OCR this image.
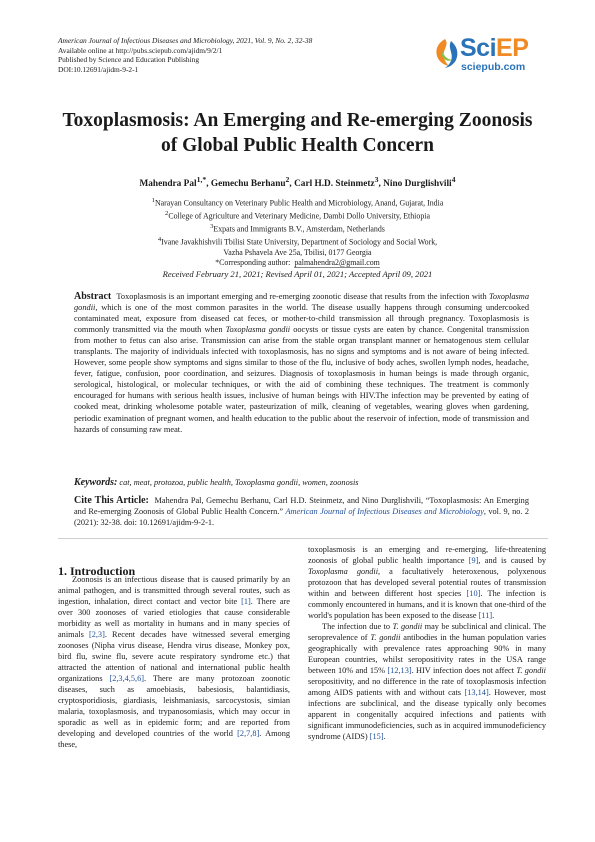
American Journal of Infectious Diseases and Microbiology, 2021, Vol. 9, No. 2, 32-38
Available online at http://pubs.sciepub.com/ajidm/9/2/1
Published by Science and Education Publishing
DOI:10.12691/ajidm-9-2-1
SciEP
sciepub.com
Toxoplasmosis: An Emerging and Re-emerging Zoonosis
of Global Public Health Concern
Mahendra Pal$^{1,*}$, Gemechu Berhanu$^2$, Carl H.D. Steinmetz$^3$, Nino Durglishvili$^4$
$^1$Narayan Consultancy on Veterinary Public Health and Microbiology, Anand, Gujarat, India
$^2$College of Agriculture and Veterinary Medicine, Dambi Dollo University, Ethiopia
$^3$Expats and Immigrants B.V., Amsterdam, Netherlands
$^4$Ivane Javakhishvili Tbilisi State University, Department of Sociology and Social Work,
Vazha Pshavela Ave 25a, Tbilisi, 0177 Georgia
*Corresponding author: palmahendra2@gmail.com
Received February 21, 2021; Revised April 01, 2021; Accepted April 09, 2021
Abstract Toxoplasmosis is an important emerging and re-emerging zoonotic disease that results from the infection with Toxoplasma gondii, which is one of the most common parasites in the world. The disease usually happens through consuming undercooked contaminated meat, exposure from diseased cat feces, or mother-to-child transmission all through pregnancy. Toxoplasmosis is commonly transmitted via the mouth when Toxoplasma gondii oocysts or tissue cysts are eaten by chance. Congenital transmission from mother to fetus can also arise. Transmission can arise from the stable organ transplant manner or hematogenous stem cellular transplants. The majority of individuals infected with toxoplasmosis, has no signs and symptoms and is not aware of being infected. However, some people show symptoms and signs similar to those of the flu, inclusive of body aches, swollen lymph nodes, headache, fever, fatigue, confusion, poor coordination, and seizures. Diagnosis of toxoplasmosis in human beings is made through organic, serological, histological, or molecular techniques, or with the aid of combining these techniques. The treatment is commonly encouraged for humans with serious health issues, inclusive of human beings with HIV.The infection may be prevented by eating of cooked meat, drinking wholesome potable water, pasteurization of milk, cleaning of vegetables, wearing gloves when gardening, periodic examination of pregnant women, and health education to the public about the reservoir of infection, mode of transmission and hazards of consuming raw meat.
Keywords: cat, meat, protozoa, public health, Toxoplasma gondii, women, zoonosis
Cite This Article: Mahendra Pal, Gemechu Berhanu, Carl H.D. Steinmetz, and Nino Durglishvili, “Toxoplasmosis: An Emerging and Re-emerging Zoonosis of Global Public Health Concern.” American Journal of Infectious Diseases and Microbiology, vol. 9, no. 2 (2021): 32-38. doi: 10.12691/ajidm-9-2-1.
1. Introduction

Zoonosis is an infectious disease that is caused primarily by an animal pathogen, and is transmitted through several routes, such as ingestion, inhalation, direct contact and vector bite [1]. There are over 300 zoonoses of varied etiologies that cause considerable morbidity as well as mortality in humans and in many species of animals [2,3]. Recent decades have witnessed several emerging zoonoses (Nipha virus disease, Hendra virus disease, Monkey pox, bird flu, swine flu, severe acute respiratory syndrome etc.) that attracted the attention of national and international public health organizations [2,3,4,5,6]. There are many protozoan zoonotic diseases, such as amoebiasis, babesiosis, balantidiasis, cryptosporidiosis, giardiasis, leishmaniasis, sarcocystosis, simian malaria, toxoplasmosis, and trypanosomiasis, which may occur in sporadic as well as in epidemic form; and are reported from developing and developed countries of the world [2,7,8]. Among these,

toxoplasmosis is an emerging and re-emerging, life-threatening zoonosis of global public health importance [9], and is caused by Toxoplasma gondii, a facultatively heteroxenous, polyxenous protozoon that has developed several potential routes of transmission within and between different host species [10]. The infection is commonly encountered in humans, and it is known that one-third of the world's population has been exposed to the disease [11].

The infection due to T. gondii may be subclinical and clinical. The seroprevalence of T. gondii antibodies in the human population varies geographically with prevalence rates approaching 90% in many European countries, whilst seropositivity rates in the USA range between 10% and 15% [12,13]. HIV infection does not affect T. gondii seropositivity, and no difference in the rate of toxoplasmosis infection among AIDS patients with and without cats [13,14]. However, most infections are subclinical, and the disease typically only becomes apparent in congenitally acquired infections and patients with significant immunodeficiencies, such as in acquired immunodeficiency syndrome (AIDS) [15].
